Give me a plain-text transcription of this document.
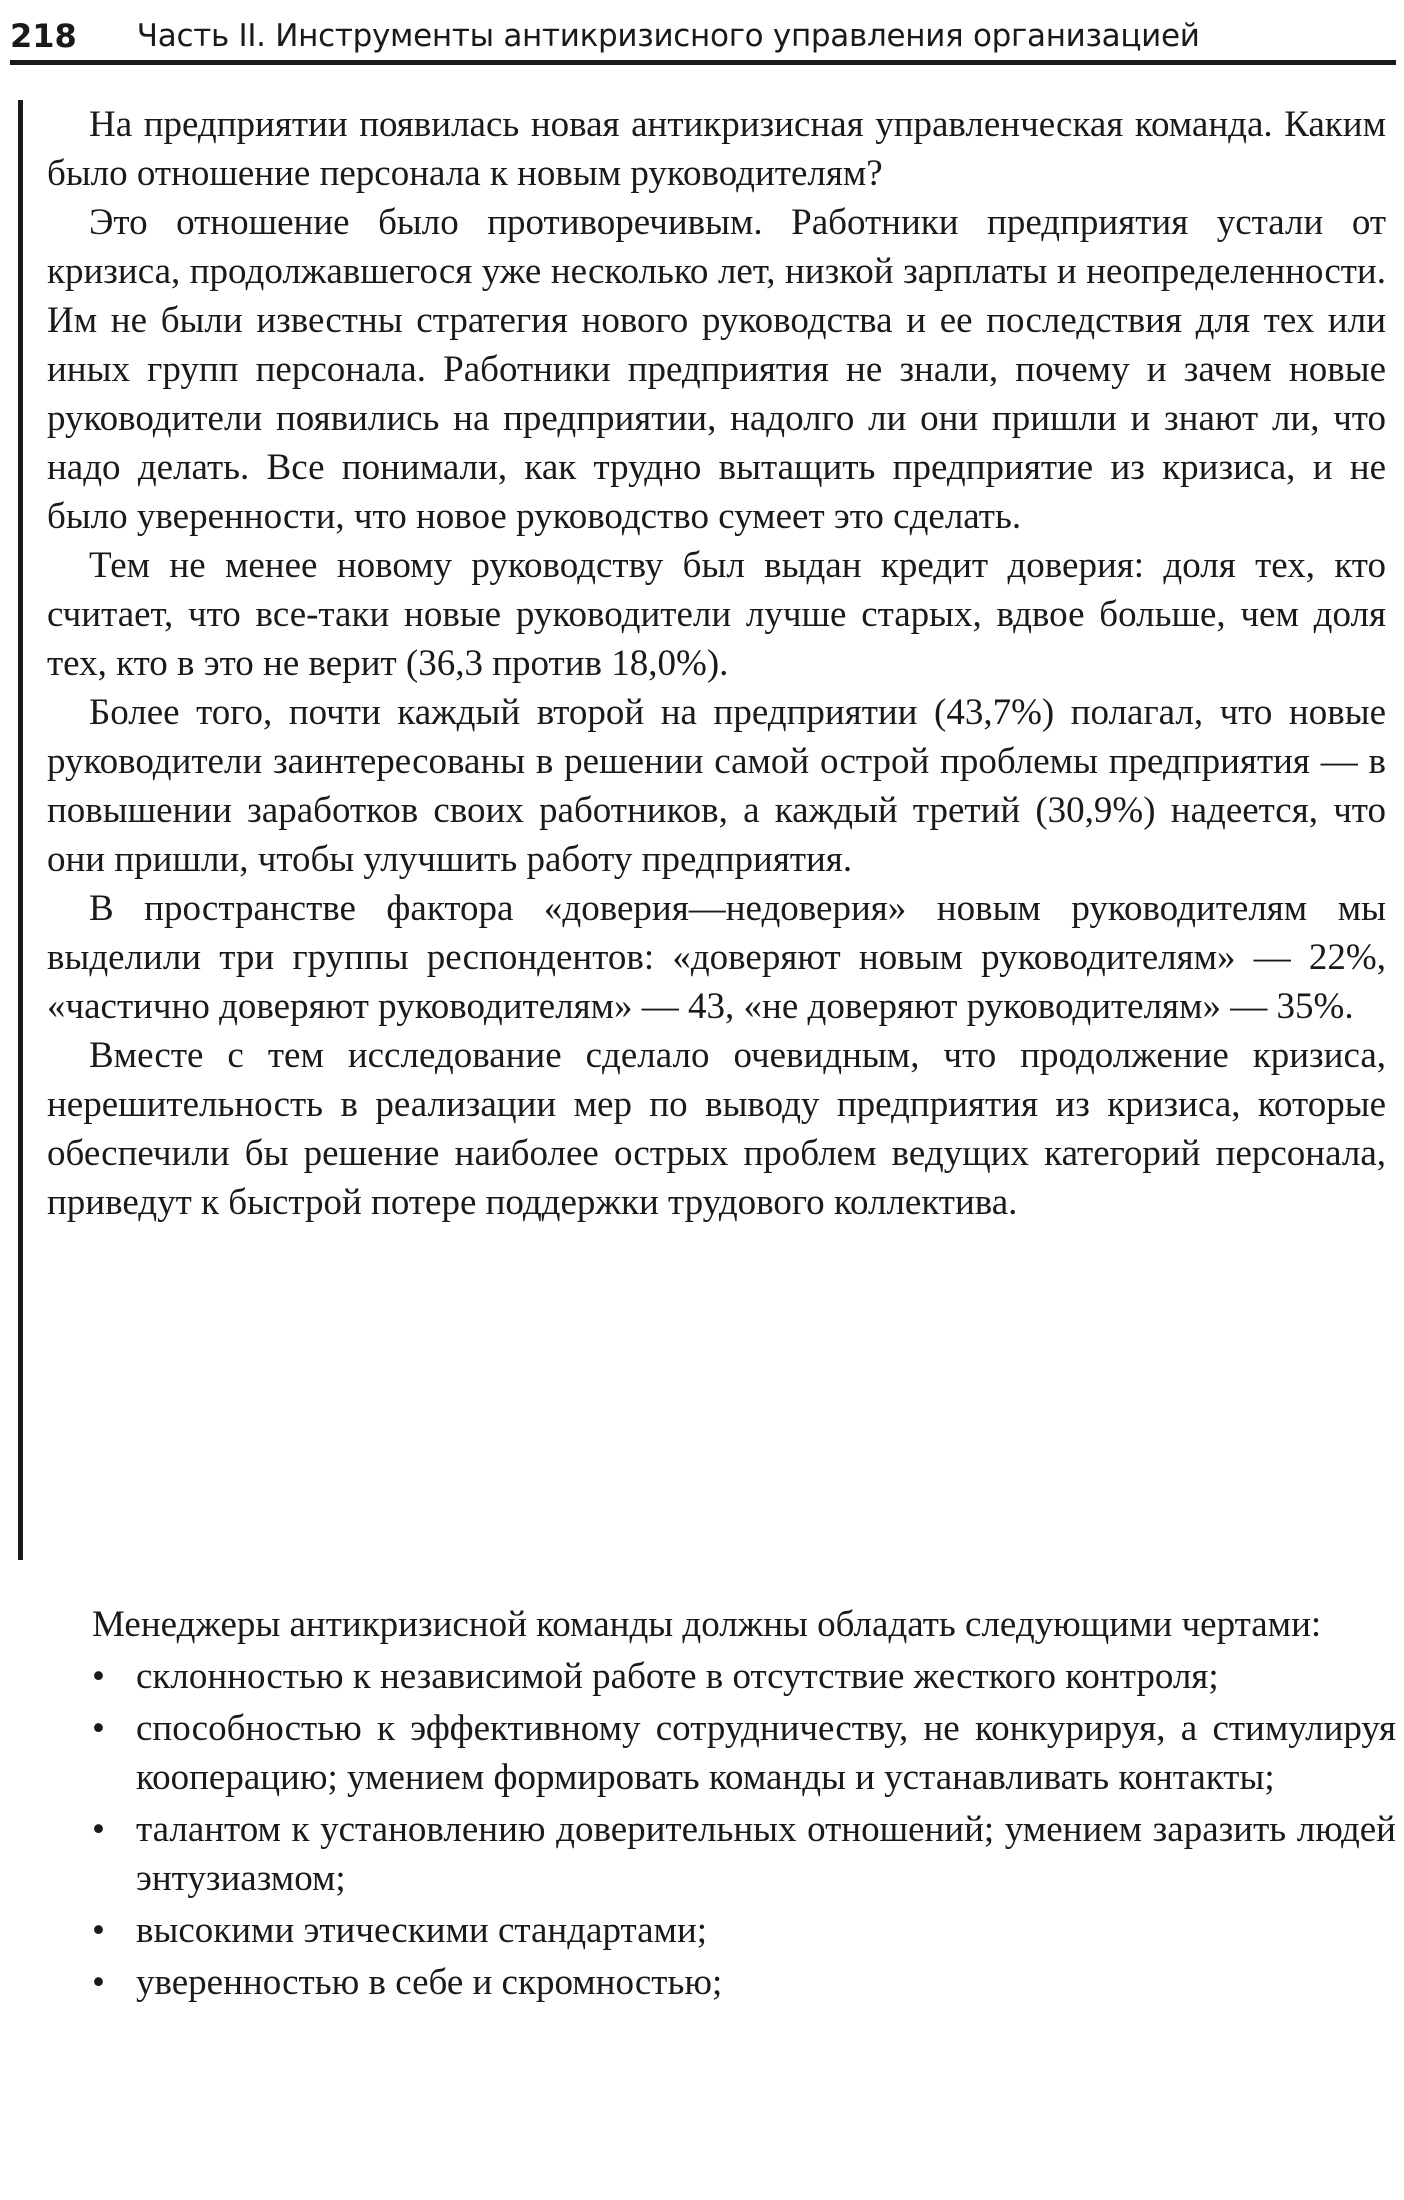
218 Часть II. Инструменты антикризисного управления организацией

На предприятии появилась новая антикризисная управленческая команда. Каким было отношение персонала к новым руководителям?

Это отношение было противоречивым. Работники предприятия устали от кризиса, продолжавшегося уже несколько лет, низкой зарплаты и неопределенности. Им не были известны стратегия нового руководства и ее последствия для тех или иных групп персонала. Работники предприятия не знали, почему и зачем новые руководители появились на предприятии, надолго ли они пришли и знают ли, что надо делать. Все понимали, как трудно вытащить предприятие из кризиса, и не было уверенности, что новое руководство сумеет это сделать.

Тем не менее новому руководству был выдан кредит доверия: доля тех, кто считает, что все-таки новые руководители лучше старых, вдвое больше, чем доля тех, кто в это не верит (36,3 против 18,0%).

Более того, почти каждый второй на предприятии (43,7%) полагал, что новые руководители заинтересованы в решении самой острой проблемы предприятия — в повышении заработков своих работников, а каждый третий (30,9%) надеется, что они пришли, чтобы улучшить работу предприятия.

В пространстве фактора «доверия—недоверия» новым руководителям мы выделили три группы респондентов: «доверяют новым руководителям» — 22%, «частично доверяют руководителям» — 43, «не доверяют руководителям» — 35%.

Вместе с тем исследование сделало очевидным, что продолжение кризиса, нерешительность в реализации мер по выводу предприятия из кризиса, которые обеспечили бы решение наиболее острых проблем ведущих категорий персонала, приведут к быстрой потере поддержки трудового коллектива.

Менеджеры антикризисной команды должны обладать следующими чертами:

• склонностью к независимой работе в отсутствие жесткого контроля;
• способностью к эффективному сотрудничеству, не конкурируя, а стимулируя кооперацию; умением формировать команды и устанавливать контакты;
• талантом к установлению доверительных отношений; умением заразить людей энтузиазмом;
• высокими этическими стандартами;
• уверенностью в себе и скромностью;
